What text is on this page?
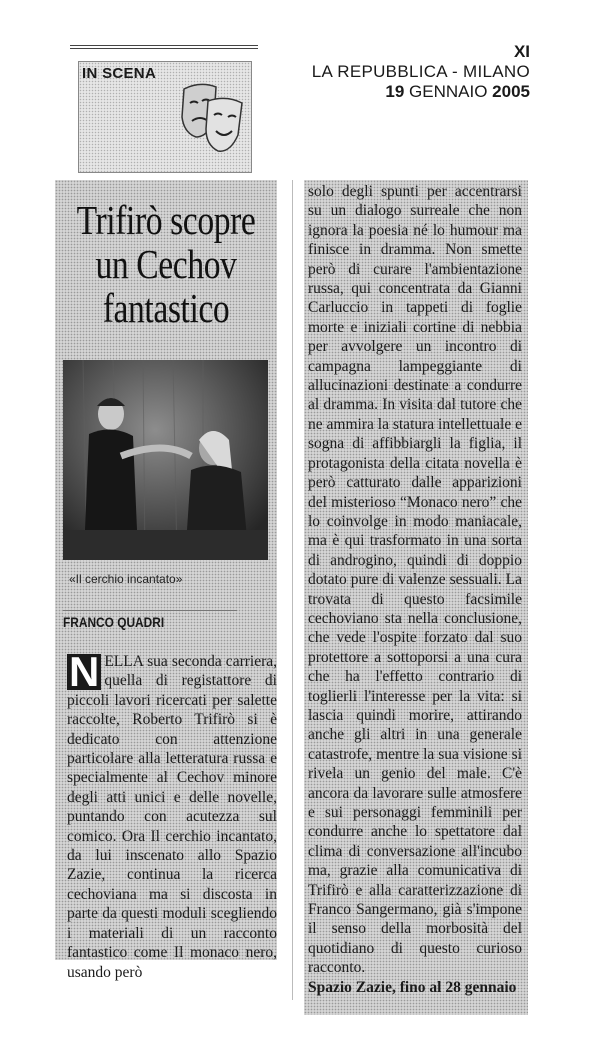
IN SCENA
XI
LA REPUBBLICA - MILANO
19 GENNAIO 2005
Trifirò scopre
un Cechov
fantastico
«Il cerchio incantato»
FRANCO QUADRI
N ELLA sua seconda carriera, quella di registattore di piccoli lavori ricercati per salette raccolte, Roberto Trifirò si è dedicato con attenzione particolare alla letteratura russa e specialmente al Cechov minore degli atti unici e delle novelle, puntando con acutezza sul comico. Ora Il cerchio incantato, da lui inscenato allo Spazio Zazie, continua la ricerca cechoviana ma si discosta in parte da questi moduli scegliendo i materiali di un racconto fantastico come Il monaco nero, usando però
solo degli spunti per accentrarsi su un dialogo surreale che non ignora la poesia né lo humour ma finisce in dramma. Non smette però di curare l'ambientazione russa, qui concentrata da Gianni Carluccio in tappeti di foglie morte e iniziali cortine di nebbia per avvolgere un incontro di campagna lampeggiante di allucinazioni destinate a condurre al dramma. In visita dal tutore che ne ammira la statura intellettuale e sogna di affibbiargli la figlia, il protagonista della citata novella è però catturato dalle apparizioni del misterioso “Monaco nero” che lo coinvolge in modo maniacale, ma è qui trasformato in una sorta di androgino, quindi di doppio dotato pure di valenze sessuali. La trovata di questo facsimile cechoviano sta nella conclusione, che vede l'ospite forzato dal suo protettore a sottoporsi a una cura che ha l'effetto contrario di toglierli l'interesse per la vita: si lascia quindi morire, attirando anche gli altri in una generale catastrofe, mentre la sua visione si rivela un genio del male. C'è ancora da lavorare sulle atmosfere e sui personaggi femminili per condurre anche lo spettatore dal clima di conversazione all'incubo ma, grazie alla comunicativa di Trifirò e alla caratterizzazione di Franco Sangermano, già s'impone il senso della morbosità del quotidiano di questo curioso racconto.
Spazio Zazie, fino al 28 gennaio
